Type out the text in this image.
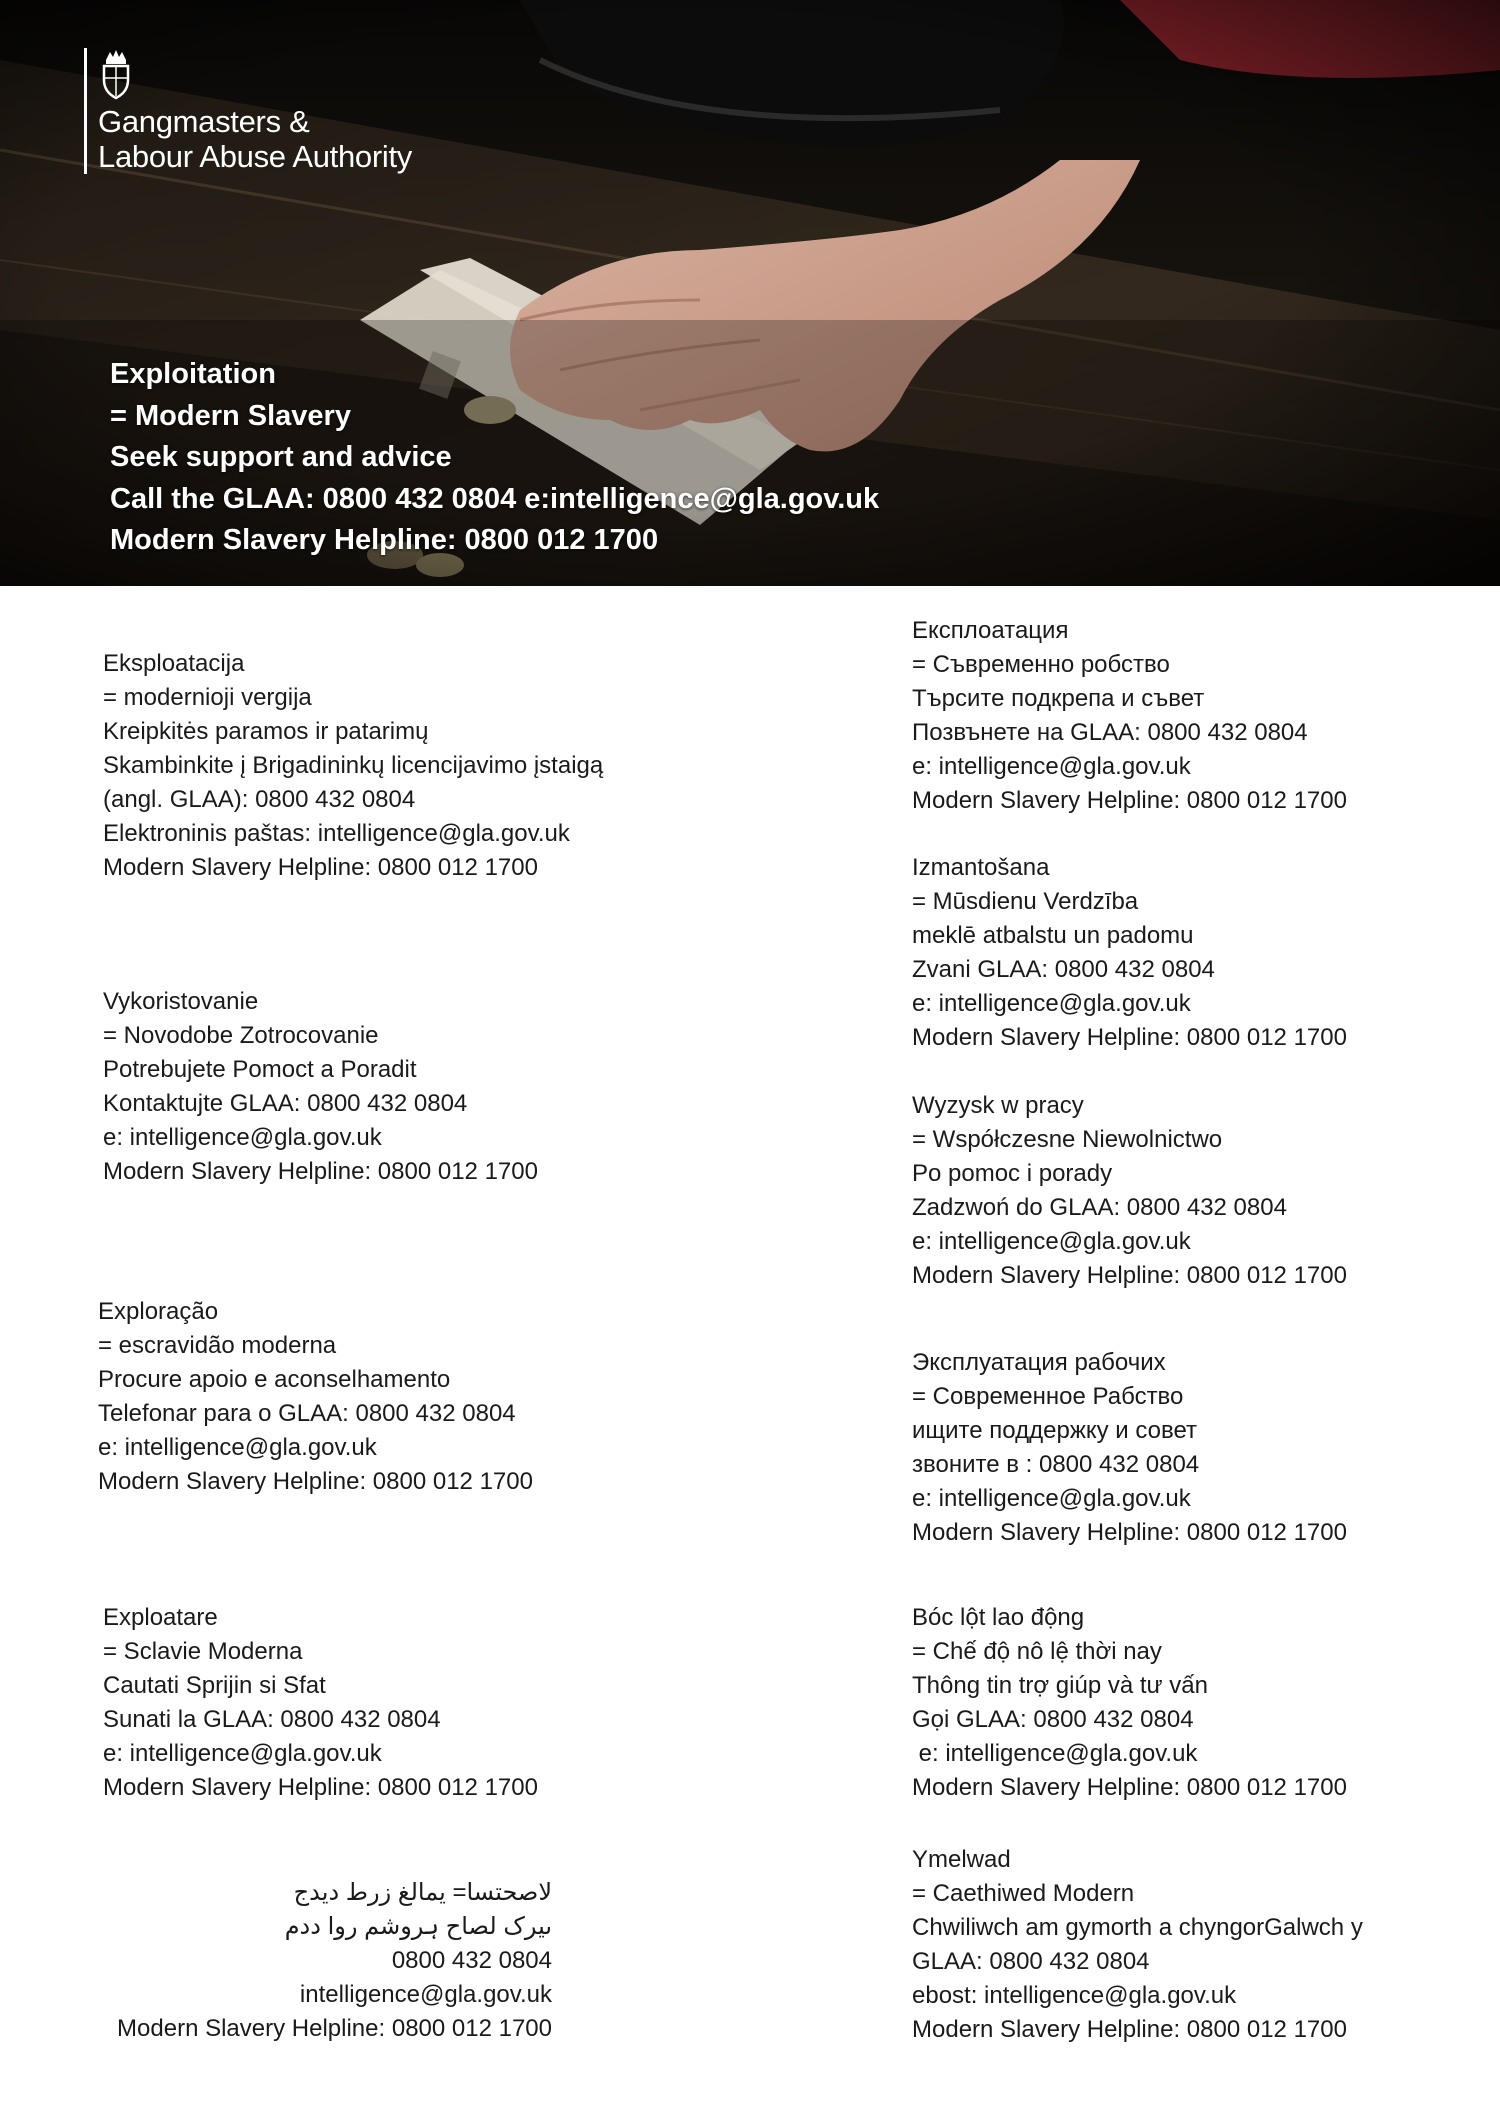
Gangmasters &
Labour Abuse Authority
Exploitation
= Modern Slavery
Seek support and advice
Call the GLAA: 0800 432 0804 e:intelligence@gla.gov.uk
Modern Slavery Helpline: 0800 012 1700
Eksploatacija
= modernioji vergija
Kreipkitės paramos ir patarimų
Skambinkite į Brigadininkų licencijavimo įstaigą
(angl. GLAA): 0800 432 0804
Elektroninis paštas: intelligence@gla.gov.uk
Modern Slavery Helpline: 0800 012 1700
Vykoristovanie
= Novodobe Zotrocovanie
Potrebujete Pomoct a Poradit
Kontaktujte GLAA: 0800 432 0804
e: intelligence@gla.gov.uk
Modern Slavery Helpline: 0800 012 1700
Exploração
= escravidão moderna
Procure apoio e aconselhamento
Telefonar para o GLAA: 0800 432 0804
e: intelligence@gla.gov.uk
Modern Slavery Helpline: 0800 012 1700
Exploatare
= Sclavie Moderna
Cautati Sprijin si Sfat
Sunati la GLAA: 0800 432 0804
e: intelligence@gla.gov.uk
Modern Slavery Helpline: 0800 012 1700
لاصحتسا= یمالغ زرط دیدج
ںیرک لصاح ہروشم روا ددم
0800 432 0804
intelligence@gla.gov.uk
Modern Slavery Helpline: 0800 012 1700
Експлоатация
= Съвременно робство
Търсите подкрепа и съвет
Позвънете на GLAA: 0800 432 0804
e: intelligence@gla.gov.uk
Modern Slavery Helpline: 0800 012 1700
Izmantošana
= Mūsdienu Verdzība
meklē atbalstu un padomu
Zvani GLAA: 0800 432 0804
e: intelligence@gla.gov.uk
Modern Slavery Helpline: 0800 012 1700
Wyzysk w pracy
= Współczesne Niewolnictwo
Po pomoc i porady
Zadzwoń do GLAA: 0800 432 0804
e: intelligence@gla.gov.uk
Modern Slavery Helpline: 0800 012 1700
Эксплуатация рабочих
= Современное Рабство
ищите поддержку и совет
звоните в : 0800 432 0804
e: intelligence@gla.gov.uk
Modern Slavery Helpline: 0800 012 1700
Bóc lột lao động
= Chế độ nô lệ thời nay
Thông tin trợ giúp và tư vấn
Gọi GLAA: 0800 432 0804
e: intelligence@gla.gov.uk
Modern Slavery Helpline: 0800 012 1700
Ymelwad
= Caethiwed Modern
Chwiliwch am gymorth a chyngorGalwch y
GLAA: 0800 432 0804
ebost: intelligence@gla.gov.uk
Modern Slavery Helpline: 0800 012 1700
